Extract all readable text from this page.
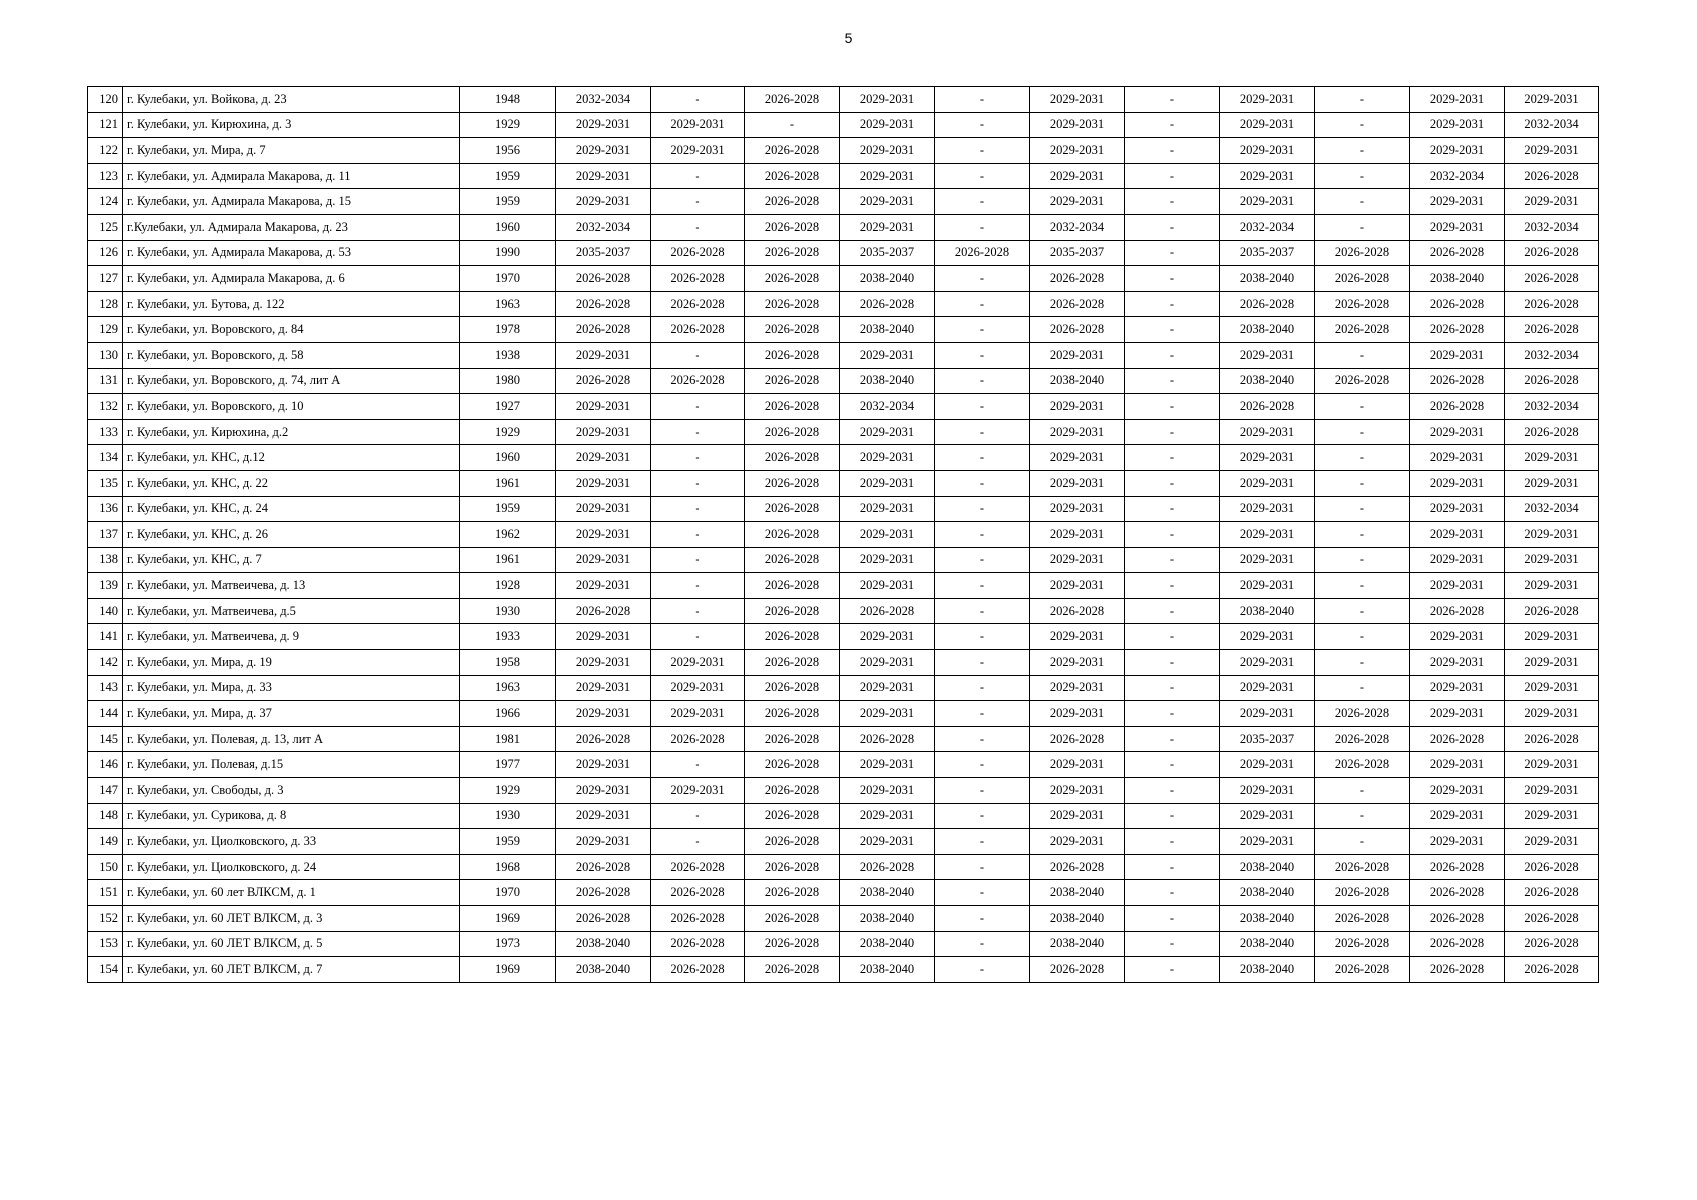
5
120	г. Кулебаки, ул. Войкова, д. 23	1948	2032-2034	-	2026-2028	2029-2031	-	2029-2031	-	2029-2031	-	2029-2031	2029-2031
121	г. Кулебаки, ул. Кирюхина, д. 3	1929	2029-2031	2029-2031	-	2029-2031	-	2029-2031	-	2029-2031	-	2029-2031	2032-2034
122	г. Кулебаки, ул. Мира, д. 7	1956	2029-2031	2029-2031	2026-2028	2029-2031	-	2029-2031	-	2029-2031	-	2029-2031	2029-2031
123	г. Кулебаки, ул. Адмирала Макарова, д. 11	1959	2029-2031	-	2026-2028	2029-2031	-	2029-2031	-	2029-2031	-	2032-2034	2026-2028
124	г. Кулебаки, ул. Адмирала Макарова, д. 15	1959	2029-2031	-	2026-2028	2029-2031	-	2029-2031	-	2029-2031	-	2029-2031	2029-2031
125	г.Кулебаки, ул. Адмирала Макарова, д. 23	1960	2032-2034	-	2026-2028	2029-2031	-	2032-2034	-	2032-2034	-	2029-2031	2032-2034
126	г. Кулебаки, ул. Адмирала Макарова, д. 53	1990	2035-2037	2026-2028	2026-2028	2035-2037	2026-2028	2035-2037	-	2035-2037	2026-2028	2026-2028	2026-2028
127	г. Кулебаки, ул. Адмирала Макарова, д. 6	1970	2026-2028	2026-2028	2026-2028	2038-2040	-	2026-2028	-	2038-2040	2026-2028	2038-2040	2026-2028
128	г. Кулебаки, ул. Бутова, д. 122	1963	2026-2028	2026-2028	2026-2028	2026-2028	-	2026-2028	-	2026-2028	2026-2028	2026-2028	2026-2028
129	г. Кулебаки, ул. Воровского, д. 84	1978	2026-2028	2026-2028	2026-2028	2038-2040	-	2026-2028	-	2038-2040	2026-2028	2026-2028	2026-2028
130	г. Кулебаки, ул. Воровского, д. 58	1938	2029-2031	-	2026-2028	2029-2031	-	2029-2031	-	2029-2031	-	2029-2031	2032-2034
131	г. Кулебаки, ул. Воровского, д. 74, лит А	1980	2026-2028	2026-2028	2026-2028	2038-2040	-	2038-2040	-	2038-2040	2026-2028	2026-2028	2026-2028
132	г. Кулебаки, ул. Воровского, д. 10	1927	2029-2031	-	2026-2028	2032-2034	-	2029-2031	-	2026-2028	-	2026-2028	2032-2034
133	г. Кулебаки, ул. Кирюхина, д.2	1929	2029-2031	-	2026-2028	2029-2031	-	2029-2031	-	2029-2031	-	2029-2031	2026-2028
134	г. Кулебаки, ул. КНС, д.12	1960	2029-2031	-	2026-2028	2029-2031	-	2029-2031	-	2029-2031	-	2029-2031	2029-2031
135	г. Кулебаки, ул. КНС, д. 22	1961	2029-2031	-	2026-2028	2029-2031	-	2029-2031	-	2029-2031	-	2029-2031	2029-2031
136	г. Кулебаки, ул. КНС, д. 24	1959	2029-2031	-	2026-2028	2029-2031	-	2029-2031	-	2029-2031	-	2029-2031	2032-2034
137	г. Кулебаки, ул. КНС, д. 26	1962	2029-2031	-	2026-2028	2029-2031	-	2029-2031	-	2029-2031	-	2029-2031	2029-2031
138	г. Кулебаки, ул. КНС, д. 7	1961	2029-2031	-	2026-2028	2029-2031	-	2029-2031	-	2029-2031	-	2029-2031	2029-2031
139	г. Кулебаки, ул. Матвеичева, д. 13	1928	2029-2031	-	2026-2028	2029-2031	-	2029-2031	-	2029-2031	-	2029-2031	2029-2031
140	г. Кулебаки, ул. Матвеичева, д.5	1930	2026-2028	-	2026-2028	2026-2028	-	2026-2028	-	2038-2040	-	2026-2028	2026-2028
141	г. Кулебаки, ул. Матвеичева, д. 9	1933	2029-2031	-	2026-2028	2029-2031	-	2029-2031	-	2029-2031	-	2029-2031	2029-2031
142	г. Кулебаки, ул. Мира, д. 19	1958	2029-2031	2029-2031	2026-2028	2029-2031	-	2029-2031	-	2029-2031	-	2029-2031	2029-2031
143	г. Кулебаки, ул. Мира, д. 33	1963	2029-2031	2029-2031	2026-2028	2029-2031	-	2029-2031	-	2029-2031	-	2029-2031	2029-2031
144	г. Кулебаки, ул. Мира, д. 37	1966	2029-2031	2029-2031	2026-2028	2029-2031	-	2029-2031	-	2029-2031	2026-2028	2029-2031	2029-2031
145	г. Кулебаки, ул. Полевая, д. 13, лит А	1981	2026-2028	2026-2028	2026-2028	2026-2028	-	2026-2028	-	2035-2037	2026-2028	2026-2028	2026-2028
146	г. Кулебаки, ул. Полевая, д.15	1977	2029-2031	-	2026-2028	2029-2031	-	2029-2031	-	2029-2031	2026-2028	2029-2031	2029-2031
147	г. Кулебаки, ул. Свободы, д. 3	1929	2029-2031	2029-2031	2026-2028	2029-2031	-	2029-2031	-	2029-2031	-	2029-2031	2029-2031
148	г. Кулебаки, ул. Сурикова, д. 8	1930	2029-2031	-	2026-2028	2029-2031	-	2029-2031	-	2029-2031	-	2029-2031	2029-2031
149	г. Кулебаки, ул. Циолковского, д. 33	1959	2029-2031	-	2026-2028	2029-2031	-	2029-2031	-	2029-2031	-	2029-2031	2029-2031
150	г. Кулебаки, ул. Циолковского, д. 24	1968	2026-2028	2026-2028	2026-2028	2026-2028	-	2026-2028	-	2038-2040	2026-2028	2026-2028	2026-2028
151	г. Кулебаки, ул. 60 лет ВЛКСМ, д. 1	1970	2026-2028	2026-2028	2026-2028	2038-2040	-	2038-2040	-	2038-2040	2026-2028	2026-2028	2026-2028
152	г. Кулебаки, ул. 60 ЛЕТ ВЛКСМ, д. 3	1969	2026-2028	2026-2028	2026-2028	2038-2040	-	2038-2040	-	2038-2040	2026-2028	2026-2028	2026-2028
153	г. Кулебаки, ул. 60 ЛЕТ ВЛКСМ, д. 5	1973	2038-2040	2026-2028	2026-2028	2038-2040	-	2038-2040	-	2038-2040	2026-2028	2026-2028	2026-2028
154	г. Кулебаки, ул. 60 ЛЕТ ВЛКСМ, д. 7	1969	2038-2040	2026-2028	2026-2028	2038-2040	-	2026-2028	-	2038-2040	2026-2028	2026-2028	2026-2028
